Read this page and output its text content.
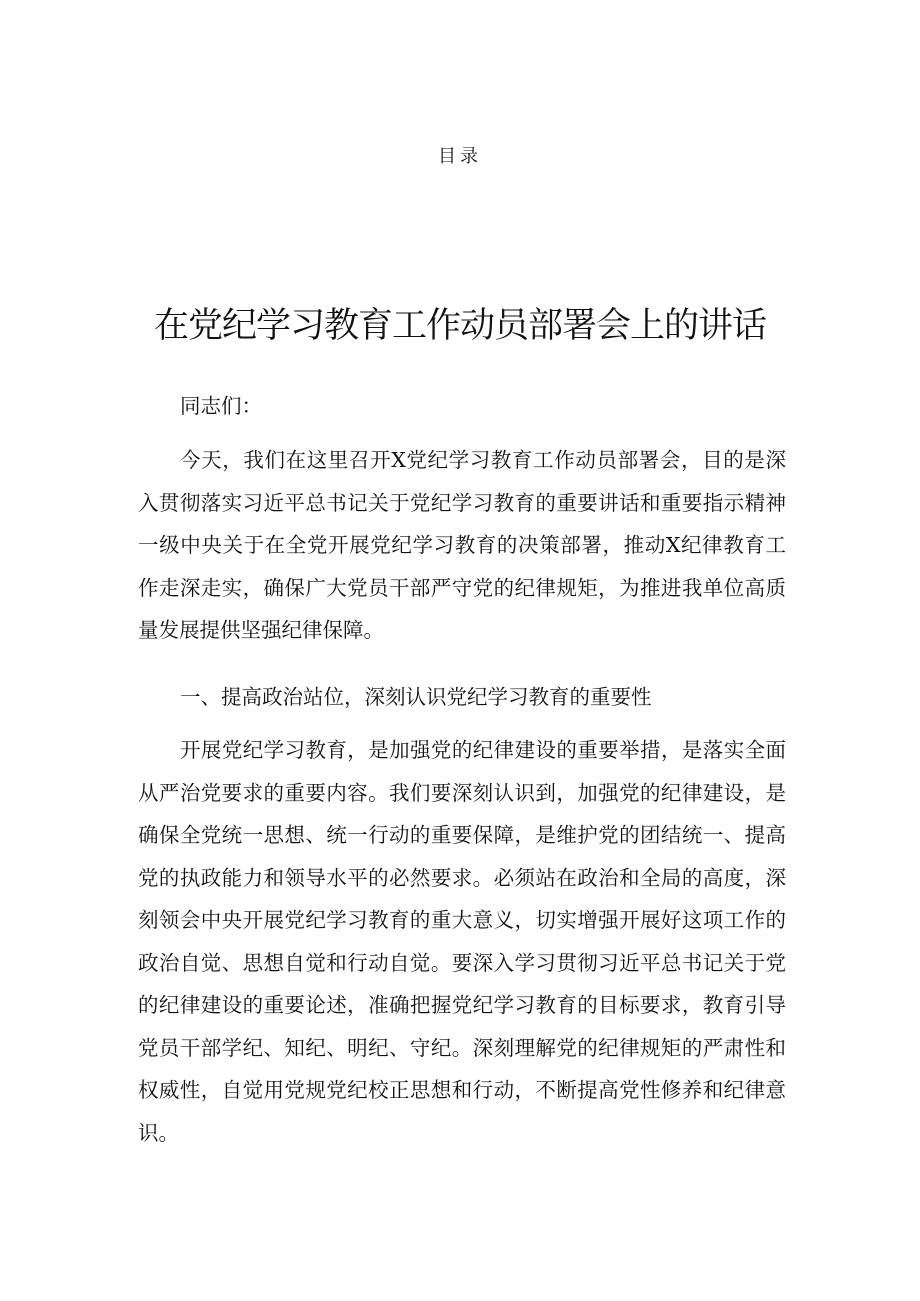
目录
在党纪学习教育工作动员部署会上的讲话
同志们：
今天，我们在这里召开X党纪学习教育工作动员部署会，目的是深入贯彻落实习近平总书记关于党纪学习教育的重要讲话和重要指示精神一级中央关于在全党开展党纪学习教育的决策部署，推动X纪律教育工作走深走实，确保广大党员干部严守党的纪律规矩，为推进我单位高质量发展提供坚强纪律保障。
一、提高政治站位，深刻认识党纪学习教育的重要性
开展党纪学习教育，是加强党的纪律建设的重要举措，是落实全面从严治党要求的重要内容。我们要深刻认识到，加强党的纪律建设，是确保全党统一思想、统一行动的重要保障，是维护党的团结统一、提高党的执政能力和领导水平的必然要求。必须站在政治和全局的高度，深刻领会中央开展党纪学习教育的重大意义，切实增强开展好这项工作的政治自觉、思想自觉和行动自觉。要深入学习贯彻习近平总书记关于党的纪律建设的重要论述，准确把握党纪学习教育的目标要求，教育引导党员干部学纪、知纪、明纪、守纪。深刻理解党的纪律规矩的严肃性和权威性，自觉用党规党纪校正思想和行动，不断提高党性修养和纪律意识。
